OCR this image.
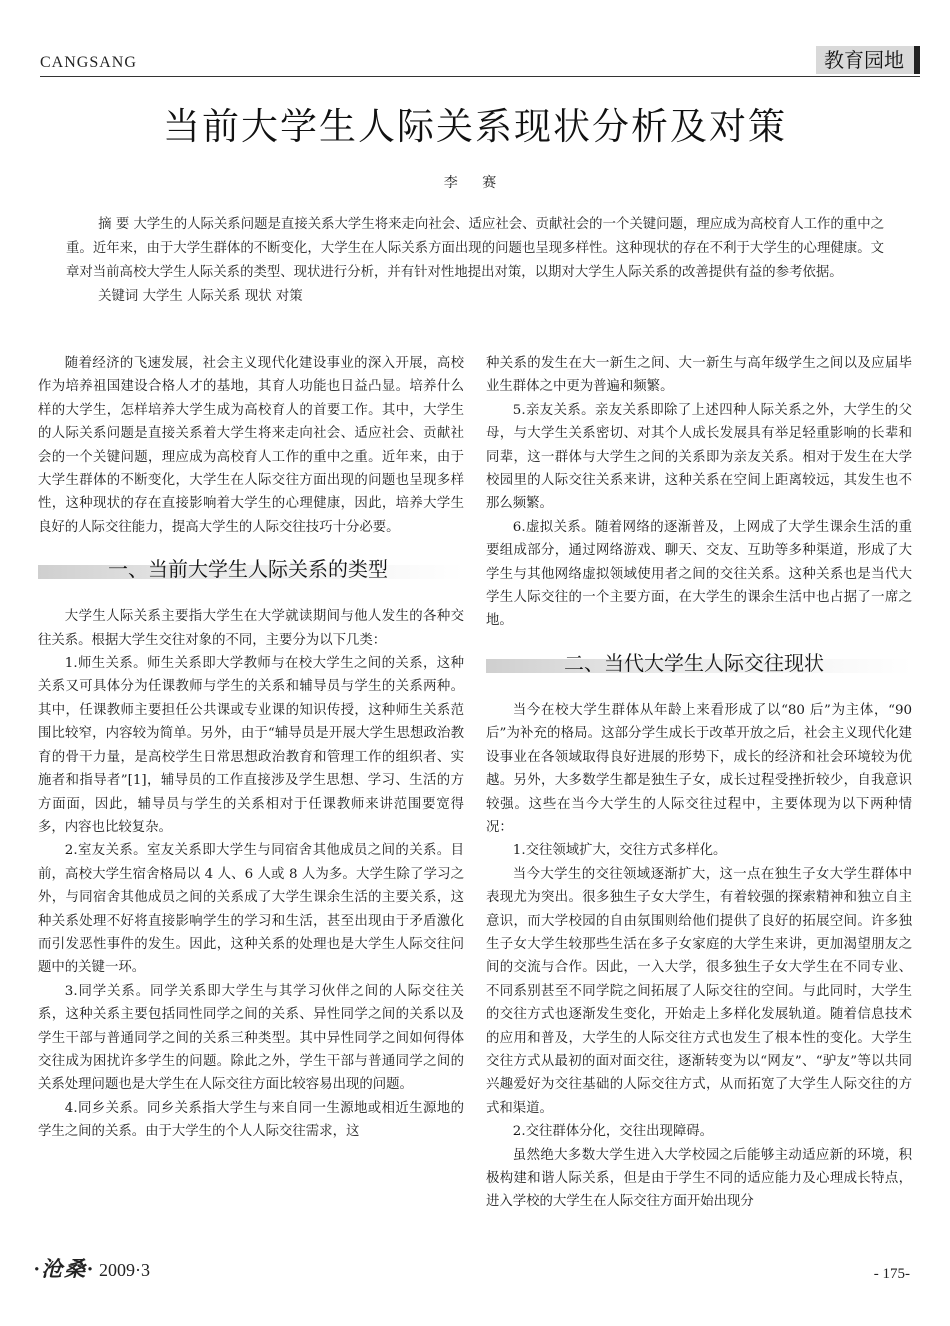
CANGSANG	教育园地
当前大学生人际关系现状分析及对策
李 赛

摘 要 大学生的人际关系问题是直接关系大学生将来走向社会、适应社会、贡献社会的一个关键问题，理应成为高校育人工作的重中之重。近年来，由于大学生群体的不断变化，大学生在人际关系方面出现的问题也呈现多样性。这种现状的存在不利于大学生的心理健康。文章对当前高校大学生人际关系的类型、现状进行分析，并有针对性地提出对策，以期对大学生人际关系的改善提供有益的参考依据。

关键词 大学生 人际关系 现状 对策

随着经济的飞速发展，社会主义现代化建设事业的深入开展，高校作为培养祖国建设合格人才的基地，其育人功能也日益凸显。培养什么样的大学生，怎样培养大学生成为高校育人的首要工作。其中，大学生的人际关系问题是直接关系着大学生将来走向社会、适应社会、贡献社会的一个关键问题，理应成为高校育人工作的重中之重。近年来，由于大学生群体的不断变化，大学生在人际交往方面出现的问题也呈现多样性，这种现状的存在直接影响着大学生的心理健康，因此，培养大学生良好的人际交往能力，提高大学生的人际交往技巧十分必要。

一、当前大学生人际关系的类型

大学生人际关系主要指大学生在大学就读期间与他人发生的各种交往关系。根据大学生交往对象的不同，主要分为以下几类：

1.师生关系。师生关系即大学教师与在校大学生之间的关系，这种关系又可具体分为任课教师与学生的关系和辅导员与学生的关系两种。其中，任课教师主要担任公共课或专业课的知识传授，这种师生关系范围比较窄，内容较为简单。另外，由于“辅导员是开展大学生思想政治教育的骨干力量，是高校学生日常思想政治教育和管理工作的组织者、实施者和指导者”[1]，辅导员的工作直接涉及学生思想、学习、生活的方方面面，因此，辅导员与学生的关系相对于任课教师来讲范围要宽得多，内容也比较复杂。

2.室友关系。室友关系即大学生与同宿舍其他成员之间的关系。目前，高校大学生宿舍格局以 4 人、6 人或 8 人为多。大学生除了学习之外，与同宿舍其他成员之间的关系成了大学生课余生活的主要关系，这种关系处理不好将直接影响学生的学习和生活，甚至出现由于矛盾激化而引发恶性事件的发生。因此，这种关系的处理也是大学生人际交往问题中的关键一环。

3.同学关系。同学关系即大学生与其学习伙伴之间的人际交往关系，这种关系主要包括同性同学之间的关系、异性同学之间的关系以及学生干部与普通同学之间的关系三种类型。其中异性同学之间如何得体交往成为困扰许多学生的问题。除此之外，学生干部与普通同学之间的关系处理问题也是大学生在人际交往方面比较容易出现的问题。

4.同乡关系。同乡关系指大学生与来自同一生源地或相近生源地的学生之间的关系。由于大学生的个人人际交往需求，这

种关系的发生在大一新生之间、大一新生与高年级学生之间以及应届毕业生群体之中更为普遍和频繁。

5.亲友关系。亲友关系即除了上述四种人际关系之外，大学生的父母，与大学生关系密切、对其个人成长发展具有举足轻重影响的长辈和同辈，这一群体与大学生之间的关系即为亲友关系。相对于发生在大学校园里的人际交往关系来讲，这种关系在空间上距离较远，其发生也不那么频繁。

6.虚拟关系。随着网络的逐渐普及，上网成了大学生课余生活的重要组成部分，通过网络游戏、聊天、交友、互助等多种渠道，形成了大学生与其他网络虚拟领域使用者之间的交往关系。这种关系也是当代大学生人际交往的一个主要方面，在大学生的课余生活中也占据了一席之地。

二、当代大学生人际交往现状

当今在校大学生群体从年龄上来看形成了以“80 后”为主体，“90 后”为补充的格局。这部分学生成长于改革开放之后，社会主义现代化建设事业在各领域取得良好进展的形势下，成长的经济和社会环境较为优越。另外，大多数学生都是独生子女，成长过程受挫折较少，自我意识较强。这些在当今大学生的人际交往过程中，主要体现为以下两种情况：

1.交往领域扩大，交往方式多样化。

当今大学生的交往领域逐渐扩大，这一点在独生子女大学生群体中表现尤为突出。很多独生子女大学生，有着较强的探索精神和独立自主意识，而大学校园的自由氛围则给他们提供了良好的拓展空间。许多独生子女大学生较那些生活在多子女家庭的大学生来讲，更加渴望朋友之间的交流与合作。因此，一入大学，很多独生子女大学生在不同专业、不同系别甚至不同学院之间拓展了人际交往的空间。与此同时，大学生的交往方式也逐渐发生变化，开始走上多样化发展轨道。随着信息技术的应用和普及，大学生的人际交往方式也发生了根本性的变化。大学生交往方式从最初的面对面交往，逐渐转变为以“网友”、“驴友”等以共同兴趣爱好为交往基础的人际交往方式，从而拓宽了大学生人际交往的方式和渠道。

2.交往群体分化，交往出现障碍。

虽然绝大多数大学生进入大学校园之后能够主动适应新的环境，积极构建和谐人际关系，但是由于学生不同的适应能力及心理成长特点，进入学校的大学生在人际交往方面开始出现分

·沧桑· 2009·3	- 175-
